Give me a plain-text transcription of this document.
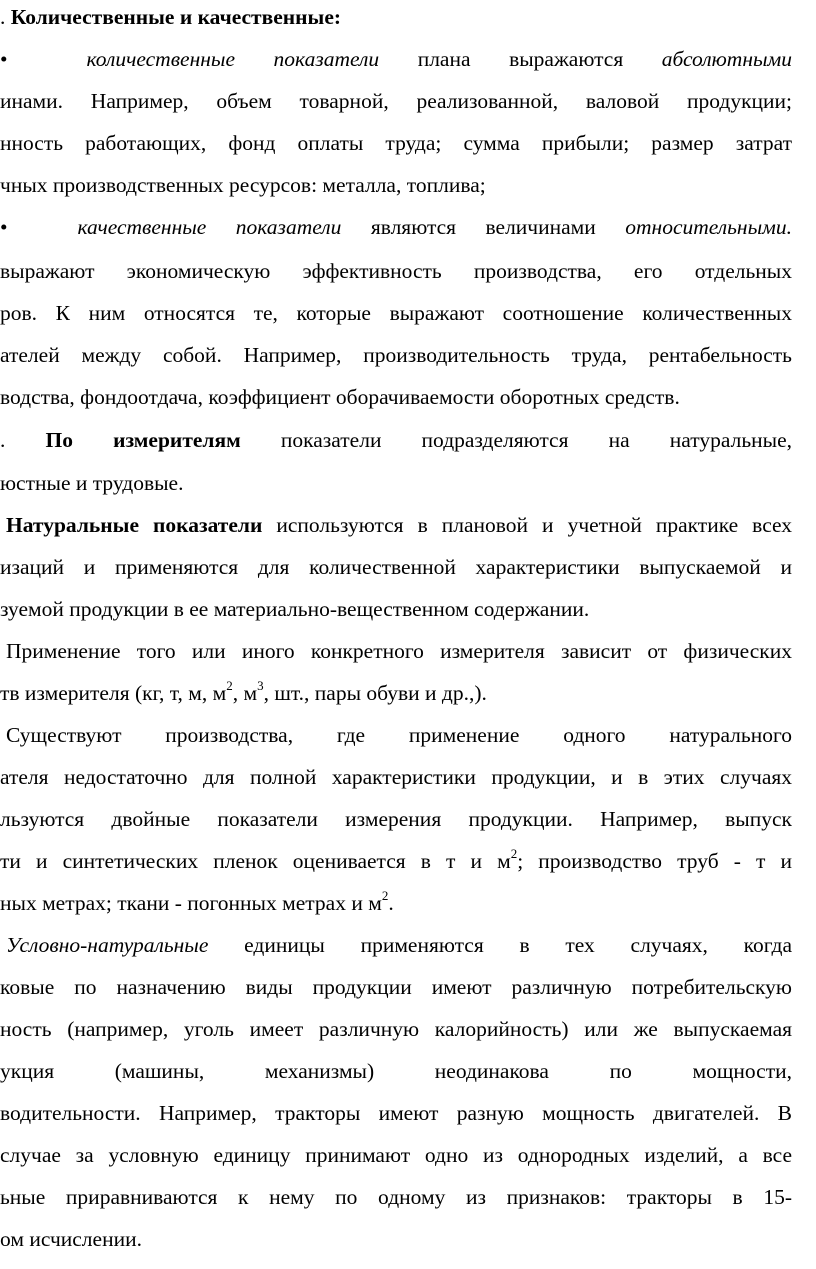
. Количественные и качественные:
•	количественные показатели плана выражаются абсолютными
инами. Например, объем товарной, реализованной, валовой продукции;
нность работающих, фонд оплаты труда; сумма прибыли; размер затрат
чных производственных ресурсов: металла, топлива;
•	качественные показатели являются величинами относительными.
выражают экономическую эффективность производства, его отдельных
ров. К ним относятся те, которые выражают соотношение количественных
ателей между собой. Например, производительность труда, рентабельность
водства, фондоотдача, коэффициент оборачиваемости оборотных средств.
. По измерителям показатели подразделяются на натуральные,
юстные и трудовые.
Натуральные показатели используются в плановой и учетной практике всех
изаций и применяются для количественной характеристики выпускаемой и
зуемой продукции в ее материально-вещественном содержании.
Применение того или иного конкретного измерителя зависит от физических
тв измерителя (кг, т, м, $м^2$, $м^3$, шт., пары обуви и др.,).
Существуют производства, где применение одного натурального
ателя недостаточно для полной характеристики продукции, и в этих случаях
льзуются двойные показатели измерения продукции. Например, выпуск
ти и синтетических пленок оценивается в т и $м^2$; производство труб - т и
ных метрах; ткани - погонных метрах и $м^2$.
Условно-натуральные единицы применяются в тех случаях, когда
ковые по назначению виды продукции имеют различную потребительскую
ность (например, уголь имеет различную калорийность) или же выпускаемая
укция (машины, механизмы) неодинакова по мощности,
водительности. Например, тракторы имеют разную мощность двигателей. В
случае за условную единицу принимают одно из однородных изделий, а все
ьные приравниваются к нему по одному из признаков: тракторы в 15-
ом исчислении.
